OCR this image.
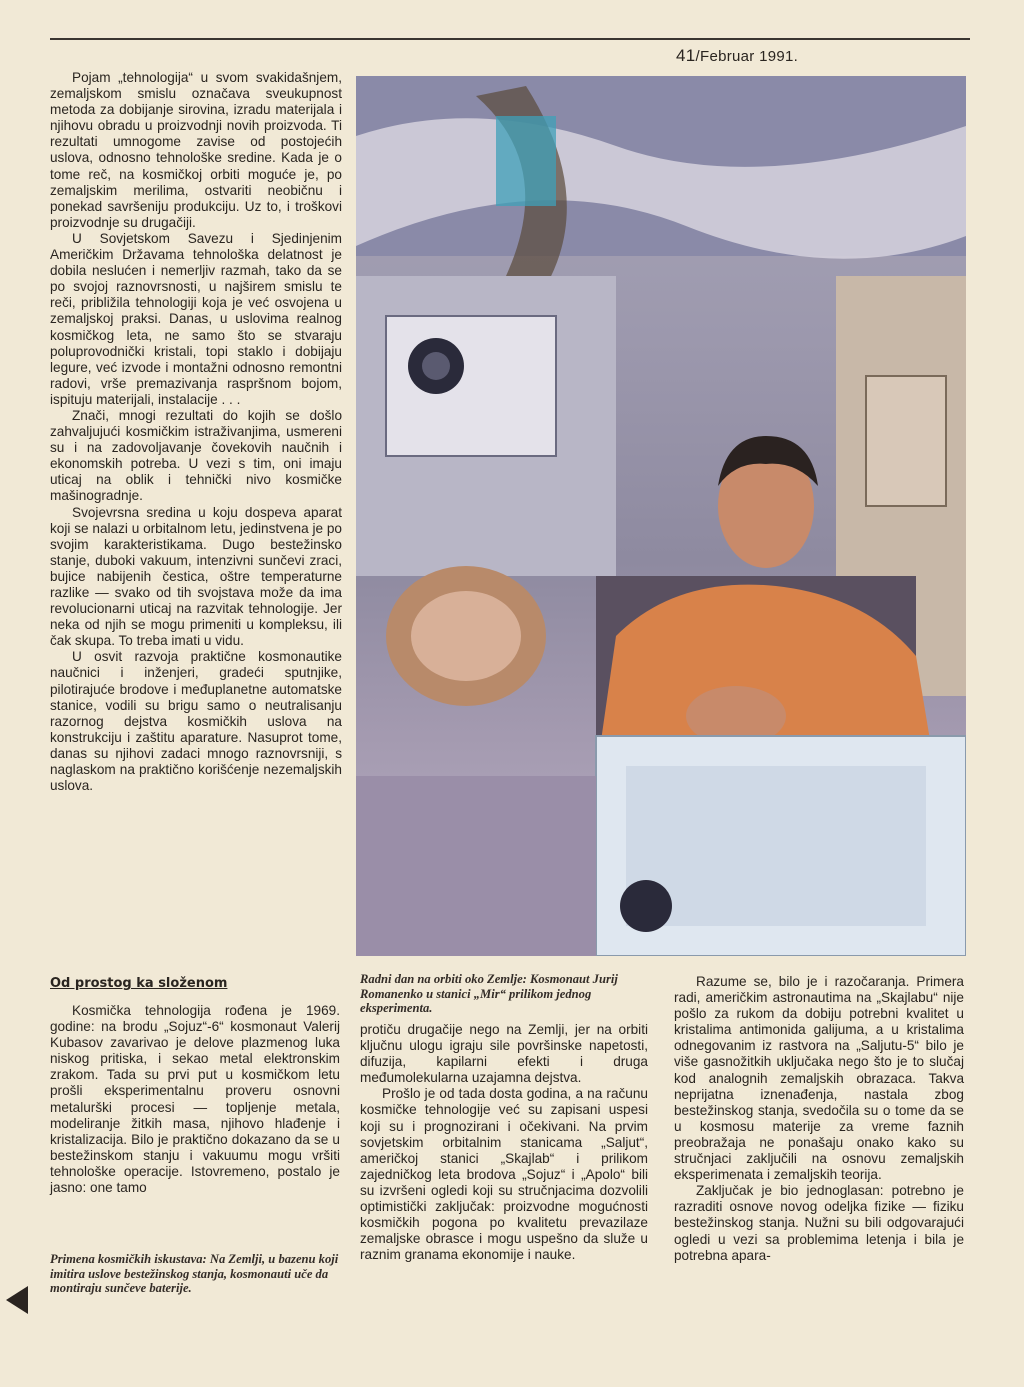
41/Februar 1991.

Pojam „tehnologija“ u svom svakidašnjem, zemaljskom smislu označava sveukupnost metoda za dobijanje sirovina, izradu materijala i njihovu obradu u proizvodnji novih proizvoda. Ti rezultati umnogome zavise od postojećih uslova, odnosno tehnološke sredine. Kada je o tome reč, na kosmičkoj orbiti moguće je, po zemaljskim merilima, ostvariti neobičnu i ponekad savršeniju produkciju. Uz to, i troškovi proizvodnje su drugačiji.

U Sovjetskom Savezu i Sjedinjenim Američkim Državama tehnološka delatnost je dobila neslućen i nemerljiv razmah, tako da se po svojoj raznovrsnosti, u najširem smislu te reči, približila tehnologiji koja je već osvojena u zemaljskoj praksi. Danas, u uslovima realnog kosmičkog leta, ne samo što se stvaraju poluprovodnički kristali, topi staklo i dobijaju legure, već izvode i montažni odnosno remontni radovi, vrše premazivanja raspršnom bojom, ispituju materijali, instalacije . . .

Znači, mnogi rezultati do kojih se došlo zahvaljujući kosmičkim istraživanjima, usmereni su i na zadovoljavanje čovekovih naučnih i ekonomskih potreba. U vezi s tim, oni imaju uticaj na oblik i tehnički nivo kosmičke mašinogradnje.

Svojevrsna sredina u koju dospeva aparat koji se nalazi u orbitalnom letu, jedinstvena je po svojim karakteristikama. Dugo bestežinsko stanje, duboki vakuum, intenzivni sunčevi zraci, bujice nabijenih čestica, oštre temperaturne razlike — svako od tih svojstava može da ima revolucionarni uticaj na razvitak tehnologije. Jer neka od njih se mogu primeniti u kompleksu, ili čak skupa. To treba imati u vidu.

U osvit razvoja praktične kosmonautike naučnici i inženjeri, gradeći sputnjike, pilotirajuće brodove i međuplanetne automatske stanice, vodili su brigu samo o neutralisanju razornog dejstva kosmičkih uslova na konstrukciju i zaštitu aparature. Nasuprot tome, danas su njihovi zadaci mnogo raznovrsniji, s naglaskom na praktično korišćenje nezemaljskih uslova.

Od prostog ka složenom

Kosmička tehnologija rođena je 1969. godine: na brodu „Sojuz“-6“ kosmonaut Valerij Kubasov zavarivao je delove plazmenog luka niskog pritiska, i sekao metal elektronskim zrakom. Tada su prvi put u kosmičkom letu prošli eksperimentalnu proveru osnovni metalurški procesi — topljenje metala, modeliranje žitkih masa, njihovo hlađenje i kristalizacija. Bilo je praktično dokazano da se u bestežinskom stanju i vakuumu mogu vršiti tehnološke operacije. Istovremeno, postalo je jasno: one tamo

Radni dan na orbiti oko Zemlje: Kosmonaut Jurij Romanenko u stanici „Mir“ prilikom jednog eksperimenta.

protiču drugačije nego na Zemlji, jer na orbiti ključnu ulogu igraju sile površinske napetosti, difuzija, kapilarni efekti i druga međumolekularna uzajamna dejstva.

Prošlo je od tada dosta godina, a na računu kosmičke tehnologije već su zapisani uspesi koji su i prognozirani i očekivani. Na prvim sovjetskim orbitalnim stanicama „Saljut“, američkoj stanici „Skajlab“ i prilikom zajedničkog leta brodova „Sojuz“ i „Apolo“ bili su izvršeni ogledi koji su stručnjacima dozvolili optimistički zaključak: proizvodne mogućnosti kosmičkih pogona po kvalitetu prevazilaze zemaljske obrasce i mogu uspešno da služe u raznim granama ekonomije i nauke.

Razume se, bilo je i razočaranja. Primera radi, američkim astronautima na „Skajlabu“ nije pošlo za rukom da dobiju potrebni kvalitet u kristalima antimonida galijuma, a u kristalima odnegovanim iz rastvora na „Saljutu-5“ bilo je više gasnožitkih uključaka nego što je to slučaj kod analognih zemaljskih obrazaca. Takva neprijatna iznenađenja, nastala zbog bestežinskog stanja, svedočila su o tome da se u kosmosu materije za vreme faznih preobražaja ne ponašaju onako kako su stručnjaci zaključili na osnovu zemaljskih eksperimenata i zemaljskih teorija.

Zaključak je bio jednoglasan: potrebno je razraditi osnove novog odeljka fizike — fiziku bestežinskog stanja. Nužni su bili odgovarajući ogledi u vezi sa problemima letenja i bila je potrebna apara-

Primena kosmičkih iskustava: Na Zemlji, u bazenu koji imitira uslove bestežinskog stanja, kosmonauti uče da montiraju sunčeve baterije.
